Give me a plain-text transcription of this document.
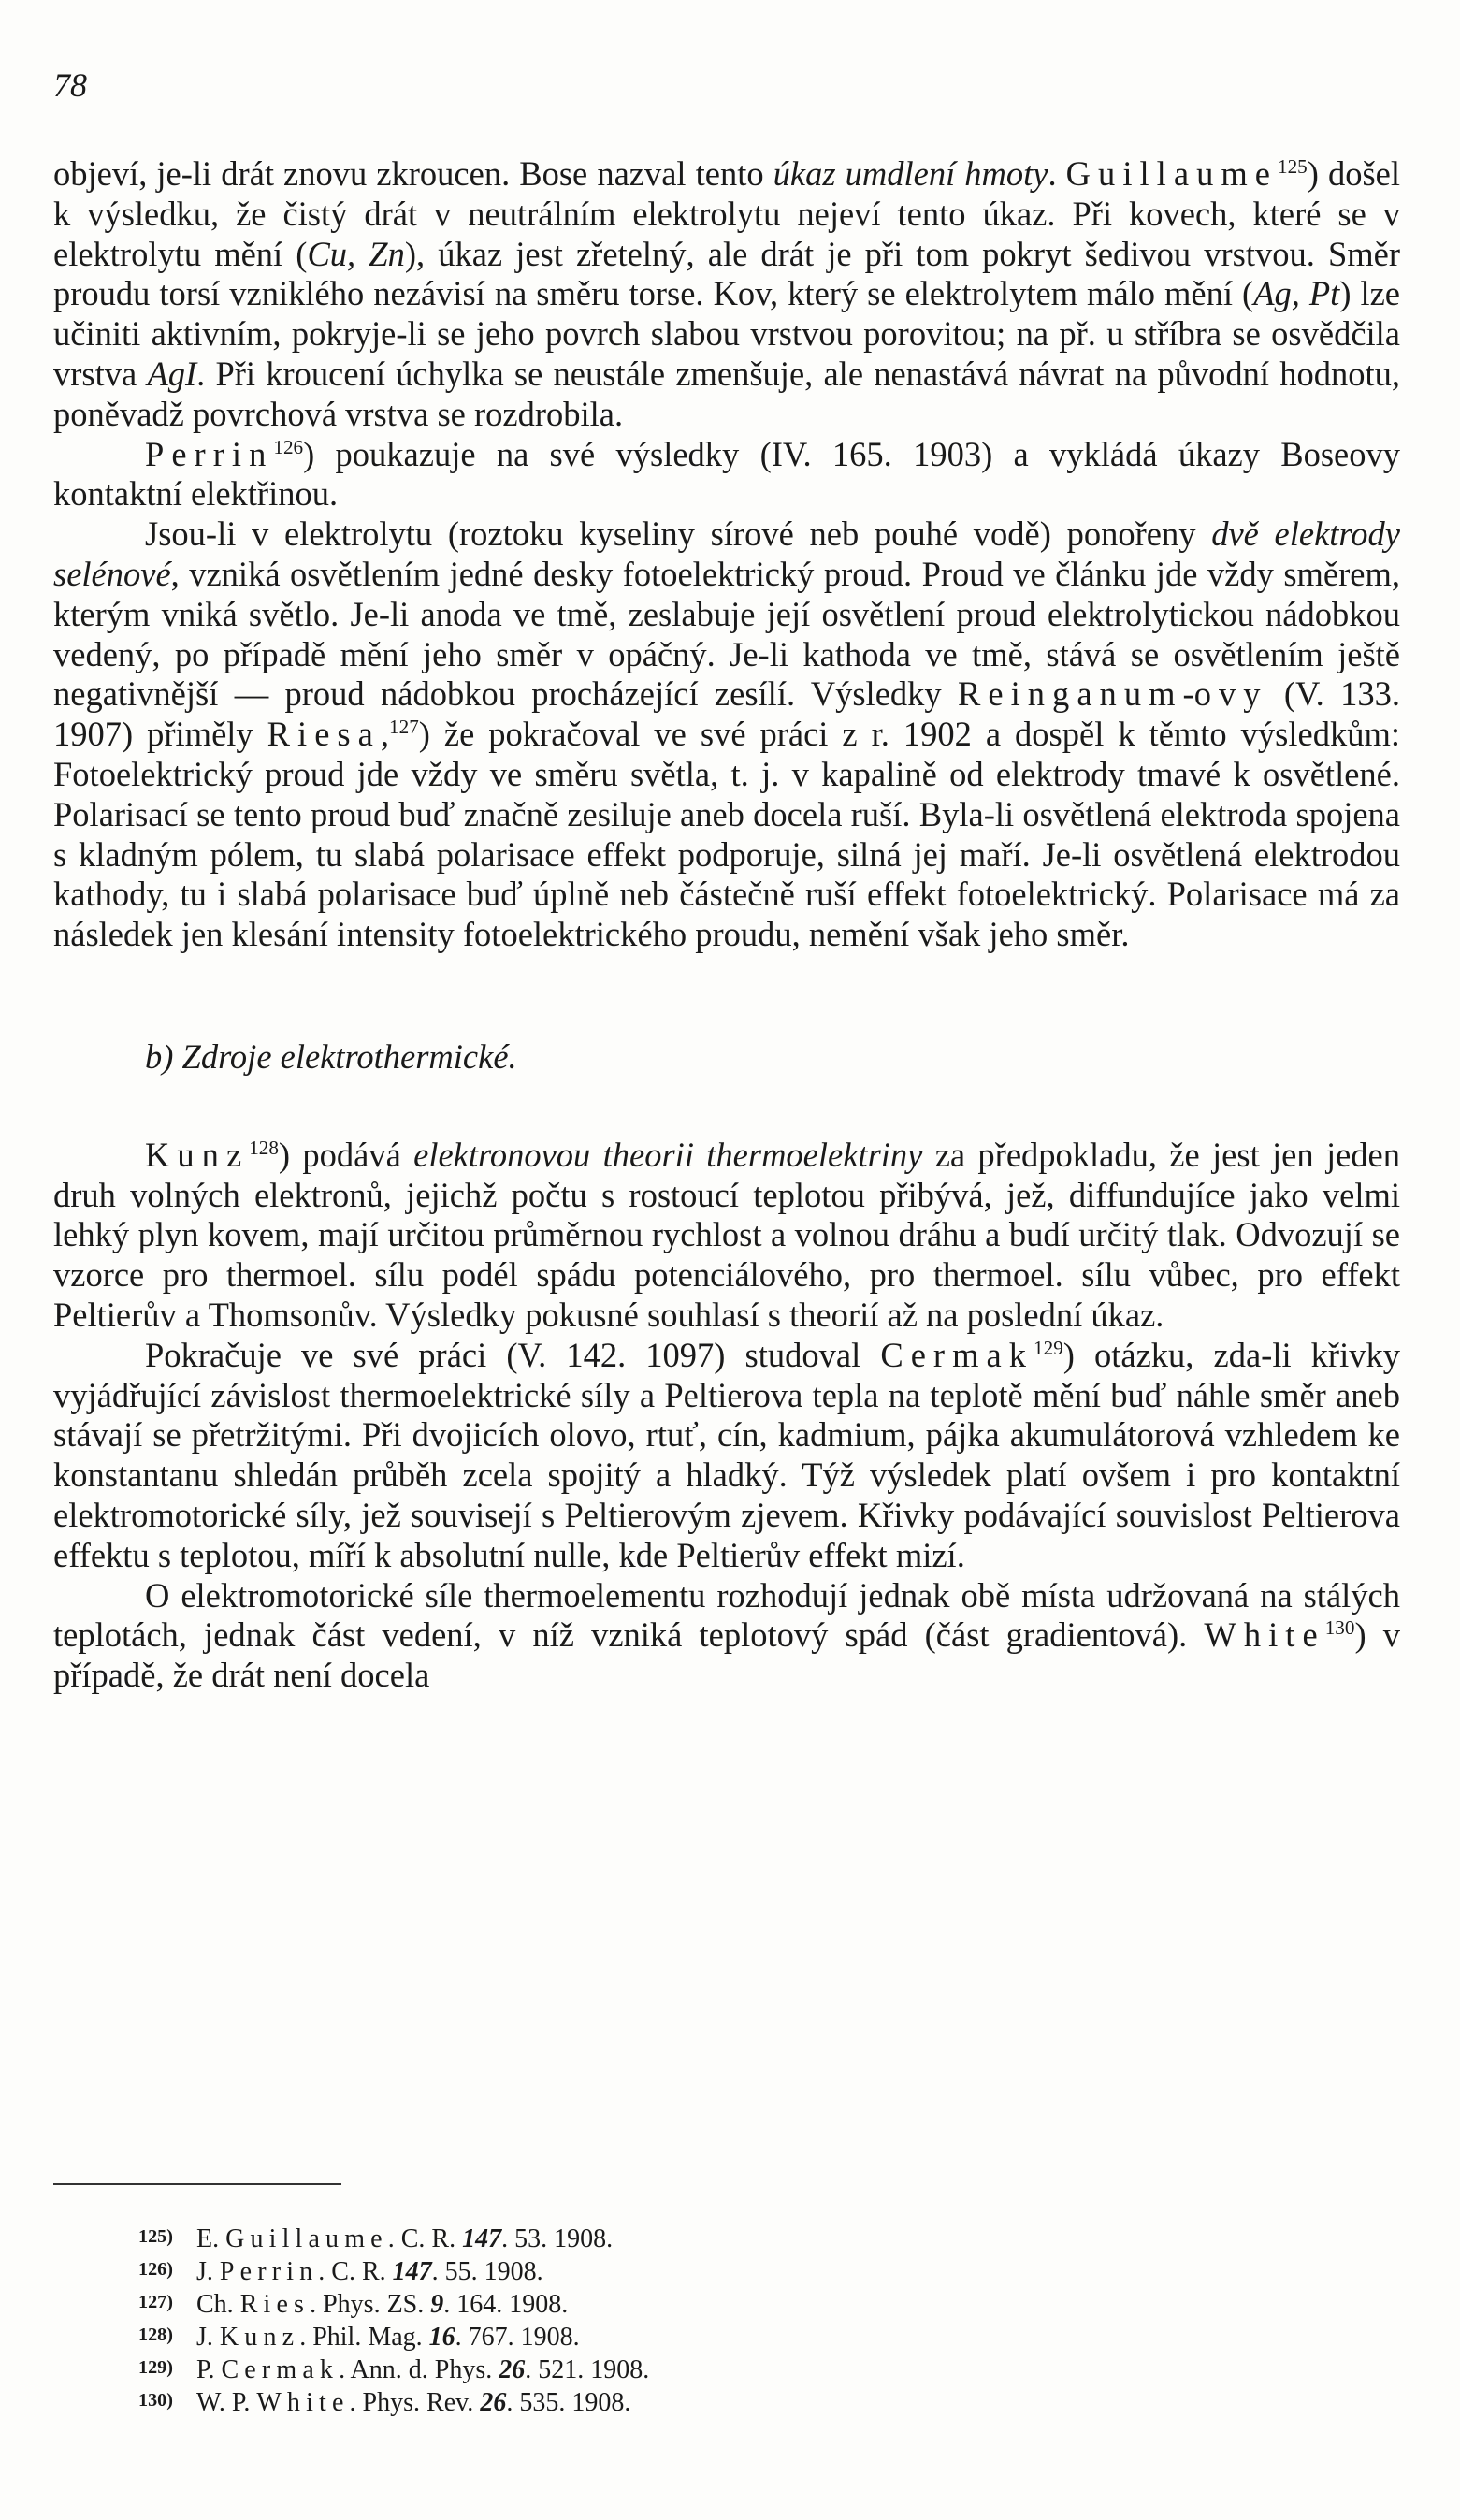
78

objeví, je-li drát znovu zkroucen. Bose nazval tento úkaz umdlení hmoty. Guillaume$^{125}$) došel k výsledku, že čistý drát v neutrálním elektrolytu nejeví tento úkaz. Při kovech, které se v elektrolytu mění (Cu, Zn), úkaz jest zřetelný, ale drát je při tom pokryt šedivou vrstvou. Směr proudu torsí vzniklého nezávisí na směru torse. Kov, který se elektrolytem málo mění (Ag, Pt) lze učiniti aktivním, pokryje-li se jeho povrch slabou vrstvou porovitou; na př. u stříbra se osvědčila vrstva AgI. Při kroucení úchylka se neustále zmenšuje, ale nenastává návrat na původní hodnotu, poněvadž povrchová vrstva se rozdrobila.

Perrin$^{126}$) poukazuje na své výsledky (IV. 165. 1903) a vykládá úkazy Boseovy kontaktní elektřinou.

Jsou-li v elektrolytu (roztoku kyseliny sírové neb pouhé vodě) ponořeny dvě elektrody selénové, vzniká osvětlením jedné desky fotoelektrický proud. Proud ve článku jde vždy směrem, kterým vniká světlo. Je-li anoda ve tmě, zeslabuje její osvětlení proud elektrolytickou nádobkou vedený, po případě mění jeho směr v opáčný. Je-li kathoda ve tmě, stává se osvětlením ještě negativnější — proud nádobkou procházející zesílí. Výsledky Reinganum-ovy (V. 133. 1907) přiměly Riesa,$^{127}$) že pokračoval ve své práci z r. 1902 a dospěl k těmto výsledkům: Fotoelektrický proud jde vždy ve směru světla, t. j. v kapalině od elektrody tmavé k osvětlené. Polarisací se tento proud buď značně zesiluje aneb docela ruší. Byla-li osvětlená elektroda spojena s kladným pólem, tu slabá polarisace effekt podporuje, silná jej maří. Je-li osvětlená elektrodou kathody, tu i slabá polarisace buď úplně neb částečně ruší effekt fotoelektrický. Polarisace má za následek jen klesání intensity fotoelektrického proudu, nemění však jeho směr.

b) Zdroje elektrothermické.

Kunz$^{128}$) podává elektronovou theorii thermoelektriny za předpokladu, že jest jen jeden druh volných elektronů, jejichž počtu s rostoucí teplotou přibývá, jež, diffundujíce jako velmi lehký plyn kovem, mají určitou průměrnou rychlost a volnou dráhu a budí určitý tlak. Odvozují se vzorce pro thermoel. sílu podél spádu potenciálového, pro thermoel. sílu vůbec, pro effekt Peltierův a Thomsonův. Výsledky pokusné souhlasí s theorií až na poslední úkaz.

Pokračuje ve své práci (V. 142. 1097) studoval Cermak$^{129}$) otázku, zda-li křivky vyjádřující závislost thermoelektrické síly a Peltierova tepla na teplotě mění buď náhle směr aneb stávají se přetržitými. Při dvojicích olovo, rtuť, cín, kadmium, pájka akumulátorová vzhledem ke konstantanu shledán průběh zcela spojitý a hladký. Týž výsledek platí ovšem i pro kontaktní elektromotorické síly, jež souvisejí s Peltierovým zjevem. Křivky podávající souvislost Peltierova effektu s teplotou, míří k absolutní nulle, kde Peltierův effekt mizí.

O elektromotorické síle thermoelementu rozhodují jednak obě místa udržovaná na stálých teplotách, jednak část vedení, v níž vzniká teplotový spád (část gradientová). White$^{130}$) v případě, že drát není docela

125) E. Guillaume. C. R. 147. 53. 1908.
126) J. Perrin. C. R. 147. 55. 1908.
127) Ch. Ries. Phys. ZS. 9. 164. 1908.
128) J. Kunz. Phil. Mag. 16. 767. 1908.
129) P. Cermak. Ann. d. Phys. 26. 521. 1908.
130) W. P. White. Phys. Rev. 26. 535. 1908.
